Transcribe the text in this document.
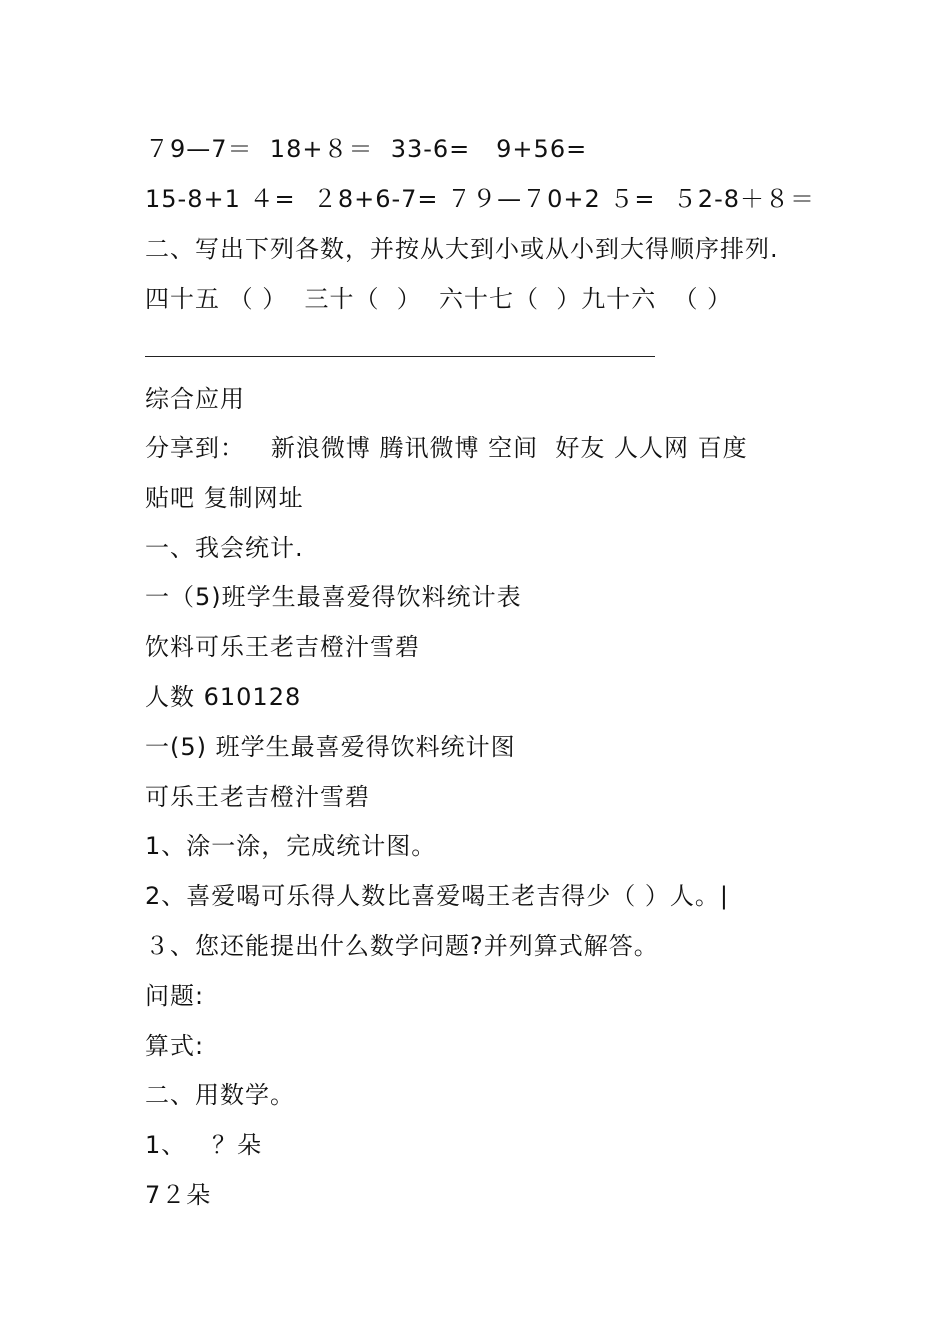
７9—7＝  18+８＝  33-6=   9+56=
15-8+1 ４=  ２8+6-7= ７９—７0+2 ５=  ５2-8＋８＝
二、写出下列各数，并按从大到小或从小到大得顺序排列.
四十五 （ ）  三十（  ）  六十七（  ）九十六  （ ）
综合应用
分享到：   新浪微博 腾讯微博 空间  好友 人人网 百度
贴吧 复制网址
一、我会统计.
一（5)班学生最喜爱得饮料统计表
饮料可乐王老吉橙汁雪碧
人数 610128
一(5) 班学生最喜爱得饮料统计图
可乐王老吉橙汁雪碧
1、涂一涂，完成统计图。
2、喜爱喝可乐得人数比喜爱喝王老吉得少（ ）人。|
３、您还能提出什么数学问题?并列算式解答。
问题:
算式:
二、用数学。
1、   ？朵
7２朵
